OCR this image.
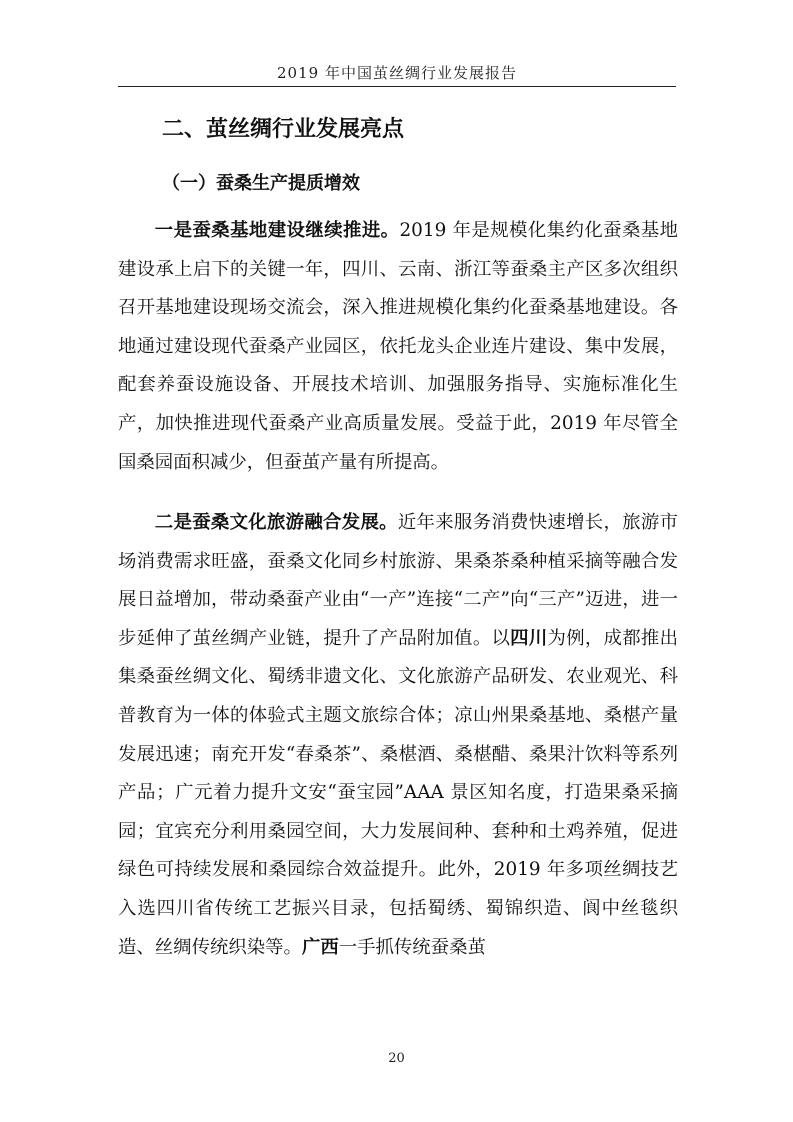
2019 年中国茧丝绸行业发展报告
二、茧丝绸行业发展亮点
（一）蚕桑生产提质增效

一是蚕桑基地建设继续推进。2019 年是规模化集约化蚕桑基地建设承上启下的关键一年，四川、云南、浙江等蚕桑主产区多次组织召开基地建设现场交流会，深入推进规模化集约化蚕桑基地建设。各地通过建设现代蚕桑产业园区，依托龙头企业连片建设、集中发展，配套养蚕设施设备、开展技术培训、加强服务指导、实施标准化生产，加快推进现代蚕桑产业高质量发展。受益于此，2019 年尽管全国桑园面积减少，但蚕茧产量有所提高。

二是蚕桑文化旅游融合发展。近年来服务消费快速增长，旅游市场消费需求旺盛，蚕桑文化同乡村旅游、果桑茶桑种植采摘等融合发展日益增加，带动桑蚕产业由“一产”连接“二产”向“三产”迈进，进一步延伸了茧丝绸产业链，提升了产品附加值。以四川为例，成都推出集桑蚕丝绸文化、蜀绣非遗文化、文化旅游产品研发、农业观光、科普教育为一体的体验式主题文旅综合体；凉山州果桑基地、桑椹产量发展迅速；南充开发“春桑茶”、桑椹酒、桑椹醋、桑果汁饮料等系列产品；广元着力提升文安“蚕宝园”AAA 景区知名度，打造果桑采摘园；宜宾充分利用桑园空间，大力发展间种、套种和土鸡养殖，促进绿色可持续发展和桑园综合效益提升。此外，2019 年多项丝绸技艺入选四川省传统工艺振兴目录，包括蜀绣、蜀锦织造、阆中丝毯织造、丝绸传统织染等。广西一手抓传统蚕桑茧

20
